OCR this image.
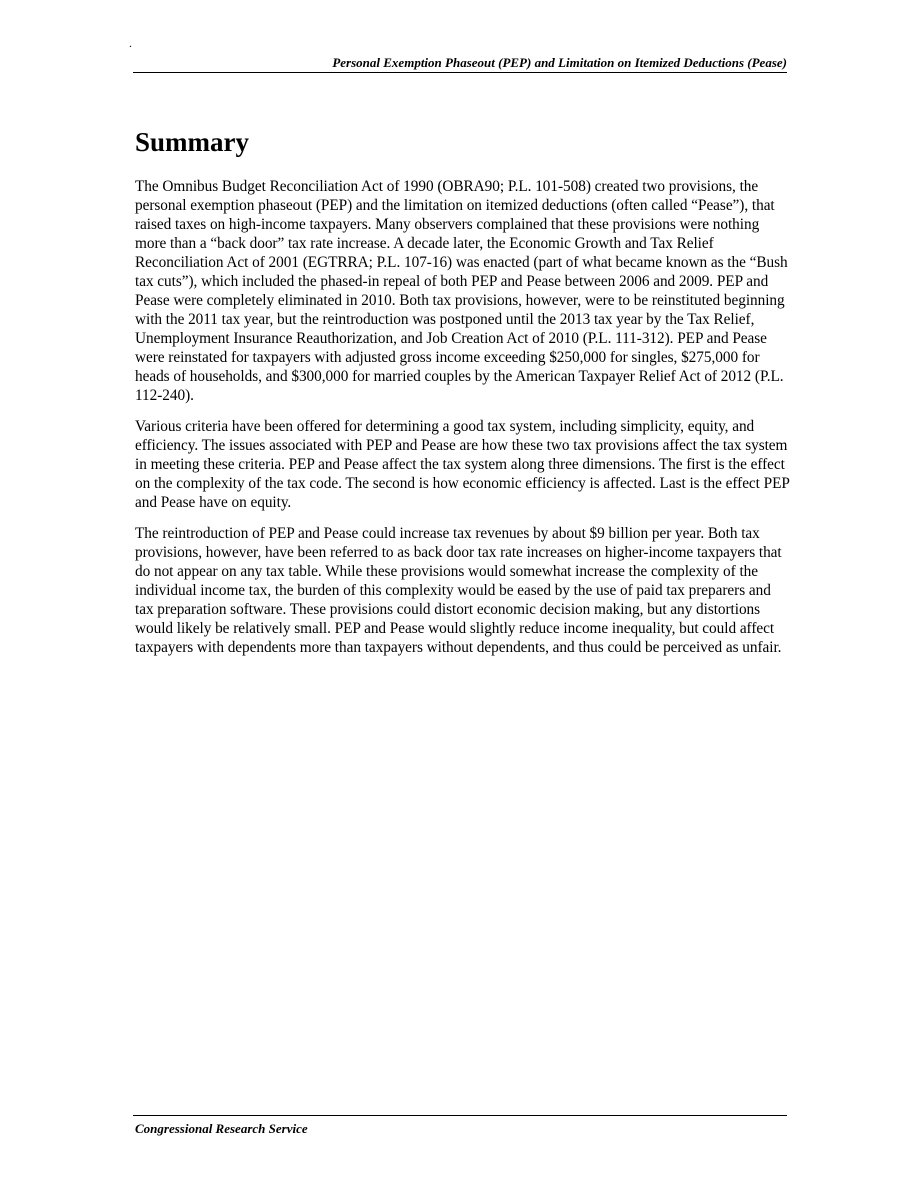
.
Personal Exemption Phaseout (PEP) and Limitation on Itemized Deductions (Pease)
Summary

The Omnibus Budget Reconciliation Act of 1990 (OBRA90; P.L. 101-508) created two provisions, the personal exemption phaseout (PEP) and the limitation on itemized deductions (often called “Pease”), that raised taxes on high-income taxpayers. Many observers complained that these provisions were nothing more than a “back door” tax rate increase. A decade later, the Economic Growth and Tax Relief Reconciliation Act of 2001 (EGTRRA; P.L. 107-16) was enacted (part of what became known as the “Bush tax cuts”), which included the phased-in repeal of both PEP and Pease between 2006 and 2009. PEP and Pease were completely eliminated in 2010. Both tax provisions, however, were to be reinstituted beginning with the 2011 tax year, but the reintroduction was postponed until the 2013 tax year by the Tax Relief, Unemployment Insurance Reauthorization, and Job Creation Act of 2010 (P.L. 111-312). PEP and Pease were reinstated for taxpayers with adjusted gross income exceeding $250,000 for singles, $275,000 for heads of households, and $300,000 for married couples by the American Taxpayer Relief Act of 2012 (P.L. 112-240).

Various criteria have been offered for determining a good tax system, including simplicity, equity, and efficiency. The issues associated with PEP and Pease are how these two tax provisions affect the tax system in meeting these criteria. PEP and Pease affect the tax system along three dimensions. The first is the effect on the complexity of the tax code. The second is how economic efficiency is affected. Last is the effect PEP and Pease have on equity.

The reintroduction of PEP and Pease could increase tax revenues by about $9 billion per year. Both tax provisions, however, have been referred to as back door tax rate increases on higher-income taxpayers that do not appear on any tax table. While these provisions would somewhat increase the complexity of the individual income tax, the burden of this complexity would be eased by the use of paid tax preparers and tax preparation software. These provisions could distort economic decision making, but any distortions would likely be relatively small. PEP and Pease would slightly reduce income inequality, but could affect taxpayers with dependents more than taxpayers without dependents, and thus could be perceived as unfair.

Congressional Research Service
